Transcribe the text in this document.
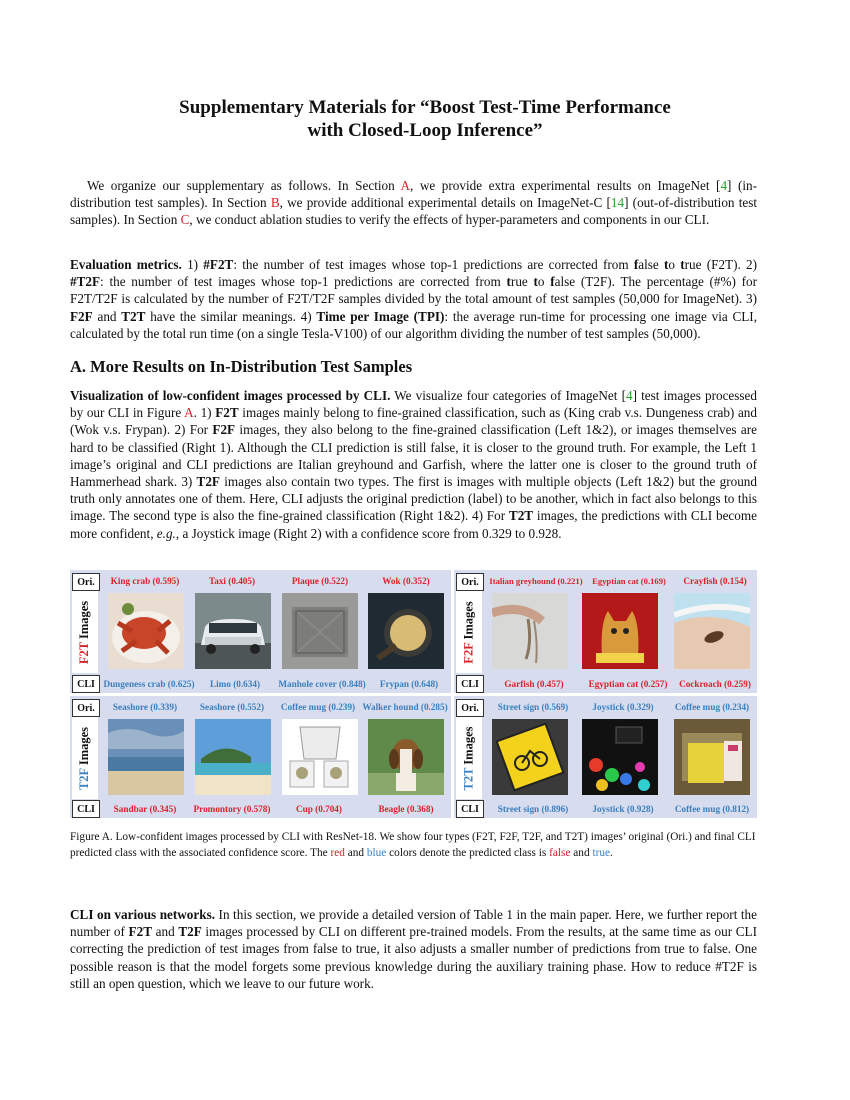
Supplementary Materials for “Boost Test-Time Performance
with Closed-Loop Inference”

We organize our supplementary as follows. In Section A, we provide extra experimental results on ImageNet [4] (in-distribution test samples). In Section B, we provide additional experimental details on ImageNet-C [14] (out-of-distribution test samples). In Section C, we conduct ablation studies to verify the effects of hyper-parameters and components in our CLI.

Evaluation metrics. 1) #F2T: the number of test images whose top-1 predictions are corrected from false to true (F2T). 2) #T2F: the number of test images whose top-1 predictions are corrected from true to false (T2F). The percentage (#%) for F2T/T2F is calculated by the number of F2T/T2F samples divided by the total amount of test samples (50,000 for ImageNet). 3) F2F and T2T have the similar meanings. 4) Time per Image (TPI): the average run-time for processing one image via CLI, calculated by the total run time (on a single Tesla-V100) of our algorithm dividing the number of test samples (50,000).

A. More Results on In-Distribution Test Samples

Visualization of low-confident images processed by CLI. We visualize four categories of ImageNet [4] test images processed by our CLI in Figure A. 1) F2T images mainly belong to fine-grained classification, such as (King crab v.s. Dungeness crab) and (Wok v.s. Frypan). 2) For F2F images, they also belong to the fine-grained classification (Left 1&2), or images themselves are hard to be classified (Right 1). Although the CLI prediction is still false, it is closer to the ground truth. For example, the Left 1 image’s original and CLI predictions are Italian greyhound and Garfish, where the latter one is closer to the ground truth of Hammerhead shark. 3) T2F images also contain two types. The first is images with multiple objects (Left 1&2) but the ground truth only annotates one of them. Here, CLI adjusts the original prediction (label) to be another, which in fact also belongs to this image. The second type is also the fine-grained classification (Right 1&2). 4) For T2T images, the predictions with CLI become more confident, e.g., a Joystick image (Right 2) with a confidence score from 0.329 to 0.928.

Ori.
F2T Images
CLI
King crab (0.595)	Taxi (0.405)	Plaque (0.522)	Wok (0.352)
Dungeness crab (0.625)	Limo (0.634)	Manhole cover (0.848)	Frypan (0.648)
Ori.
F2F Images
CLI
Italian greyhound (0.221)	Egyptian cat (0.169)	Crayfish (0.154)
Garfish (0.457)	Egyptian cat (0.257)	Cockroach (0.259)
Ori.
T2F Images
CLI
Seashore (0.339)	Seashore (0.552)	Coffee mug (0.239) Walker hound (0.285)
Sandbar (0.345)	Promontory (0.578)	Cup (0.704)	Beagle (0.368)
Ori.
T2T Images
CLI
Street sign (0.569)	Joystick (0.329)	Coffee mug (0.234)
Street sign (0.896)	Joystick (0.928)	Coffee mug (0.812)

Figure A. Low-confident images processed by CLI with ResNet-18. We show four types (F2T, F2F, T2F, and T2T) images’ original (Ori.) and final CLI predicted class with the associated confidence score. The red and blue colors denote the predicted class is false and true.

CLI on various networks. In this section, we provide a detailed version of Table 1 in the main paper. Here, we further report the number of F2T and T2F images processed by CLI on different pre-trained models. From the results, at the same time as our CLI correcting the prediction of test images from false to true, it also adjusts a smaller number of predictions from true to false. One possible reason is that the model forgets some previous knowledge during the auxiliary training phase. How to reduce #T2F is still an open question, which we leave to our future work.
